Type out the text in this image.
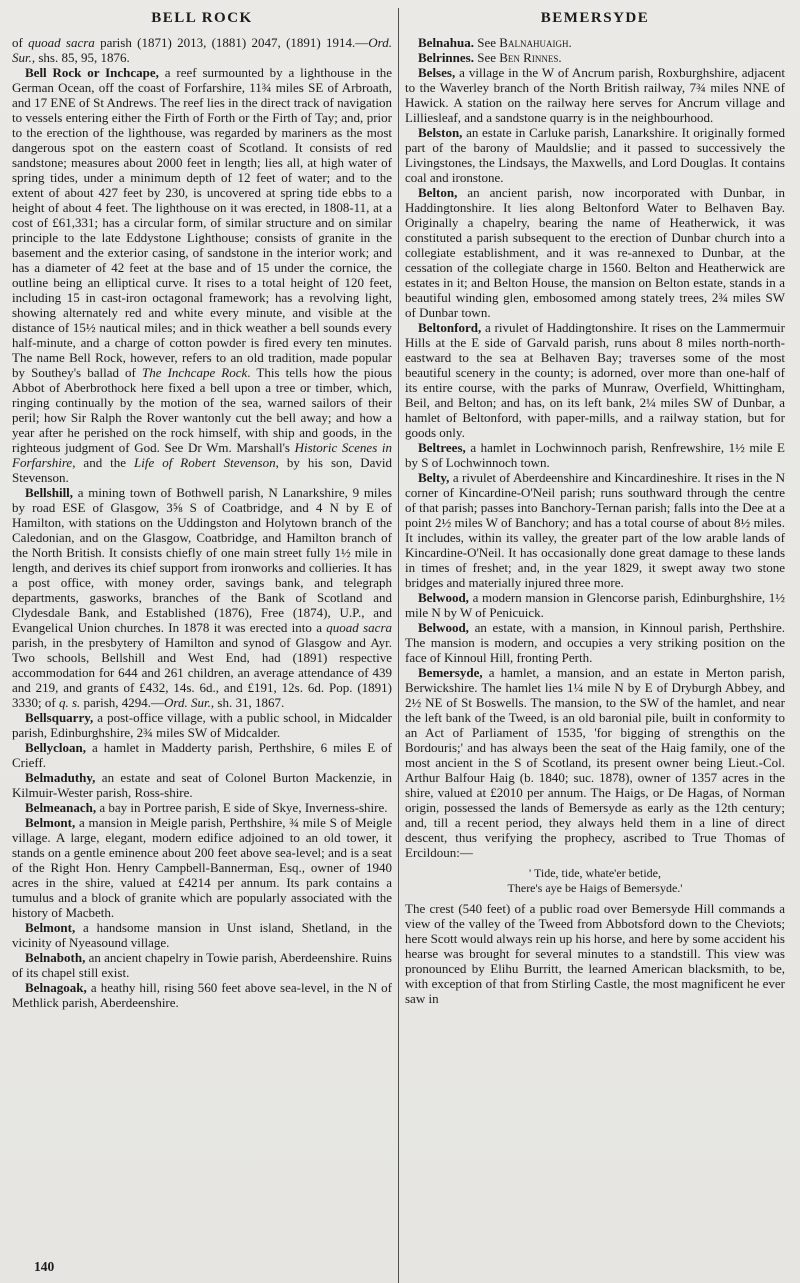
BELL ROCK

of quoad sacra parish (1871) 2013, (1881) 2047, (1891) 1914.—Ord. Sur., shs. 85, 95, 1876.

Bell Rock or Inchcape, a reef surmounted by a lighthouse in the German Ocean, off the coast of Forfarshire, 11¾ miles SE of Arbroath, and 17 ENE of St Andrews. The reef lies in the direct track of navigation to vessels entering either the Firth of Forth or the Firth of Tay; and, prior to the erection of the lighthouse, was regarded by mariners as the most dangerous spot on the eastern coast of Scotland. It consists of red sandstone; measures about 2000 feet in length; lies all, at high water of spring tides, under a minimum depth of 12 feet of water; and to the extent of about 427 feet by 230, is uncovered at spring tide ebbs to a height of about 4 feet. The lighthouse on it was erected, in 1808-11, at a cost of £61,331; has a circular form, of similar structure and on similar principle to the late Eddystone Lighthouse; consists of granite in the basement and the exterior casing, of sandstone in the interior work; and has a diameter of 42 feet at the base and of 15 under the cornice, the outline being an elliptical curve. It rises to a total height of 120 feet, including 15 in cast-iron octagonal framework; has a revolving light, showing alternately red and white every minute, and visible at the distance of 15½ nautical miles; and in thick weather a bell sounds every half-minute, and a charge of cotton powder is fired every ten minutes. The name Bell Rock, however, refers to an old tradition, made popular by Southey's ballad of The Inchcape Rock. This tells how the pious Abbot of Aberbrothock here fixed a bell upon a tree or timber, which, ringing continually by the motion of the sea, warned sailors of their peril; how Sir Ralph the Rover wantonly cut the bell away; and how a year after he perished on the rock himself, with ship and goods, in the righteous judgment of God. See Dr Wm. Marshall's Historic Scenes in Forfarshire, and the Life of Robert Stevenson, by his son, David Stevenson.

Bellshill, a mining town of Bothwell parish, N Lanarkshire, 9 miles by road ESE of Glasgow, 3⅝ S of Coatbridge, and 4 N by E of Hamilton, with stations on the Uddingston and Holytown branch of the Caledonian, and on the Glasgow, Coatbridge, and Hamilton branch of the North British. It consists chiefly of one main street fully 1½ mile in length, and derives its chief support from ironworks and collieries. It has a post office, with money order, savings bank, and telegraph departments, gasworks, branches of the Bank of Scotland and Clydesdale Bank, and Established (1876), Free (1874), U.P., and Evangelical Union churches. In 1878 it was erected into a quoad sacra parish, in the presbytery of Hamilton and synod of Glasgow and Ayr. Two schools, Bellshill and West End, had (1891) respective accommodation for 644 and 261 children, an average attendance of 439 and 219, and grants of £432, 14s. 6d., and £191, 12s. 6d. Pop. (1891) 3330; of q. s. parish, 4294.—Ord. Sur., sh. 31, 1867.

Bellsquarry, a post-office village, with a public school, in Midcalder parish, Edinburghshire, 2¾ miles SW of Midcalder.

Bellycloan, a hamlet in Madderty parish, Perthshire, 6 miles E of Crieff.

Belmaduthy, an estate and seat of Colonel Burton Mackenzie, in Kilmuir-Wester parish, Ross-shire.

Belmeanach, a bay in Portree parish, E side of Skye, Inverness-shire.

Belmont, a mansion in Meigle parish, Perthshire, ¾ mile S of Meigle village. A large, elegant, modern edifice adjoined to an old tower, it stands on a gentle eminence about 200 feet above sea-level; and is a seat of the Right Hon. Henry Campbell-Bannerman, Esq., owner of 1940 acres in the shire, valued at £4214 per annum. Its park contains a tumulus and a block of granite which are popularly associated with the history of Macbeth.

Belmont, a handsome mansion in Unst island, Shetland, in the vicinity of Nyeasound village.

Belnaboth, an ancient chapelry in Towie parish, Aberdeenshire. Ruins of its chapel still exist.

Belnagoak, a heathy hill, rising 560 feet above sea-level, in the N of Methlick parish, Aberdeenshire.

BEMERSYDE

Belnahua. See Balnahuaigh.

Belrinnes. See Ben Rinnes.

Belses, a village in the W of Ancrum parish, Roxburghshire, adjacent to the Waverley branch of the North British railway, 7¾ miles NNE of Hawick. A station on the railway here serves for Ancrum village and Lilliesleaf, and a sandstone quarry is in the neighbourhood.

Belston, an estate in Carluke parish, Lanarkshire. It originally formed part of the barony of Mauldslie; and it passed to successively the Livingstones, the Lindsays, the Maxwells, and Lord Douglas. It contains coal and ironstone.

Belton, an ancient parish, now incorporated with Dunbar, in Haddingtonshire. It lies along Beltonford Water to Belhaven Bay. Originally a chapelry, bearing the name of Heatherwick, it was constituted a parish subsequent to the erection of Dunbar church into a collegiate establishment, and it was re-annexed to Dunbar, at the cessation of the collegiate charge in 1560. Belton and Heatherwick are estates in it; and Belton House, the mansion on Belton estate, stands in a beautiful winding glen, embosomed among stately trees, 2¾ miles SW of Dunbar town.

Beltonford, a rivulet of Haddingtonshire. It rises on the Lammermuir Hills at the E side of Garvald parish, runs about 8 miles north-north-eastward to the sea at Belhaven Bay; traverses some of the most beautiful scenery in the county; is adorned, over more than one-half of its entire course, with the parks of Munraw, Overfield, Whittingham, Beil, and Belton; and has, on its left bank, 2¼ miles SW of Dunbar, a hamlet of Beltonford, with paper-mills, and a railway station, but for goods only.

Beltrees, a hamlet in Lochwinnoch parish, Renfrewshire, 1½ mile E by S of Lochwinnoch town.

Belty, a rivulet of Aberdeenshire and Kincardineshire. It rises in the N corner of Kincardine-O'Neil parish; runs southward through the centre of that parish; passes into Banchory-Ternan parish; falls into the Dee at a point 2½ miles W of Banchory; and has a total course of about 8½ miles. It includes, within its valley, the greater part of the low arable lands of Kincardine-O'Neil. It has occasionally done great damage to these lands in times of freshet; and, in the year 1829, it swept away two stone bridges and materially injured three more.

Belwood, a modern mansion in Glencorse parish, Edinburghshire, 1½ mile N by W of Penicuick.

Belwood, an estate, with a mansion, in Kinnoul parish, Perthshire. The mansion is modern, and occupies a very striking position on the face of Kinnoul Hill, fronting Perth.

Bemersyde, a hamlet, a mansion, and an estate in Merton parish, Berwickshire. The hamlet lies 1¼ mile N by E of Dryburgh Abbey, and 2½ NE of St Boswells. The mansion, to the SW of the hamlet, and near the left bank of the Tweed, is an old baronial pile, built in conformity to an Act of Parliament of 1535, 'for bigging of strengthis on the Bordouris;' and has always been the seat of the Haig family, one of the most ancient in the S of Scotland, its present owner being Lieut.-Col. Arthur Balfour Haig (b. 1840; suc. 1878), owner of 1357 acres in the shire, valued at £2010 per annum. The Haigs, or De Hagas, of Norman origin, possessed the lands of Bemersyde as early as the 12th century; and, till a recent period, they always held them in a line of direct descent, thus verifying the prophecy, ascribed to True Thomas of Ercildoun:—

' Tide, tide, whate'er betide,
There's aye be Haigs of Bemersyde.'

The crest (540 feet) of a public road over Bemersyde Hill commands a view of the valley of the Tweed from Abbotsford down to the Cheviots; here Scott would always rein up his horse, and here by some accident his hearse was brought for several minutes to a standstill. This view was pronounced by Elihu Burritt, the learned American blacksmith, to be, with exception of that from Stirling Castle, the most magnificent he ever saw in

140
